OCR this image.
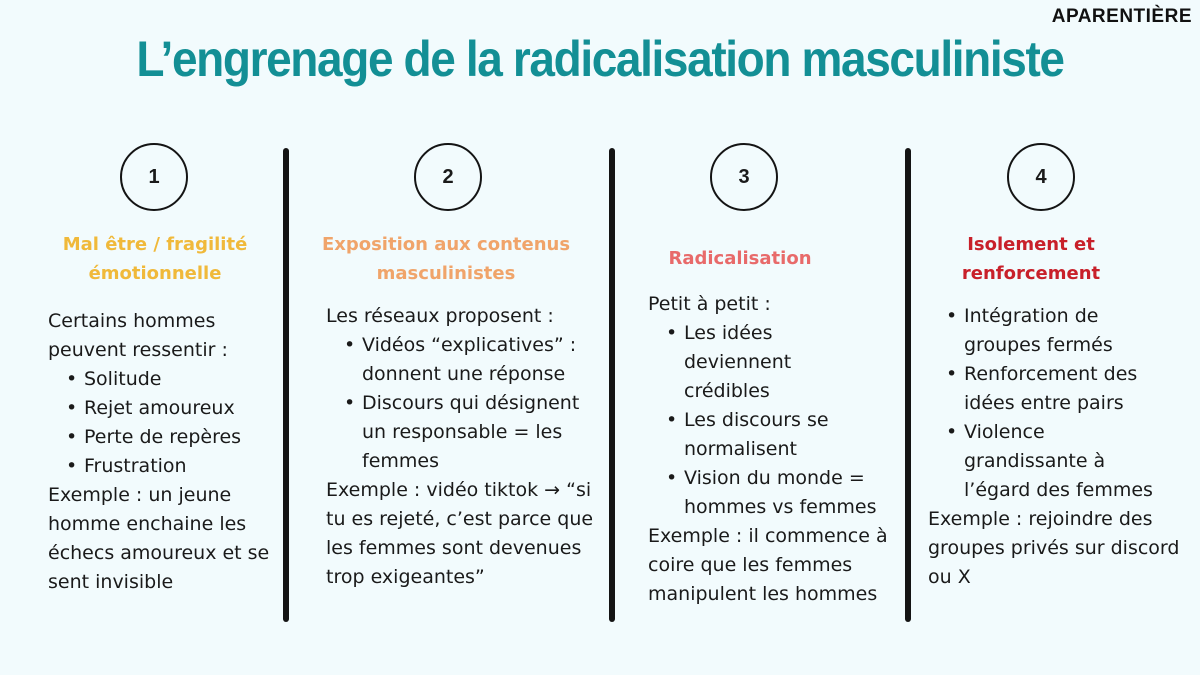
APARENTIÈRE
L’engrenage de la radicalisation masculiniste
1
Mal être / fragilité émotionnelle
Certains hommes peuvent ressentir :
• Solitude
• Rejet amoureux
• Perte de repères
• Frustration
Exemple : un jeune homme enchaine les échecs amoureux et se sent invisible
2
Exposition aux contenus masculinistes
Les réseaux proposent :
• Vidéos “explicatives” : donnent une réponse
• Discours qui désignent un responsable = les femmes
Exemple : vidéo tiktok → “si tu es rejeté, c’est parce que les femmes sont devenues trop exigeantes”
3
Radicalisation
Petit à petit :
• Les idées deviennent crédibles
• Les discours se normalisent
• Vision du monde = hommes vs femmes
Exemple : il commence à coire que les femmes manipulent les hommes
4
Isolement et renforcement
• Intégration de groupes fermés
• Renforcement des idées entre pairs
• Violence grandissante à l’égard des femmes
Exemple : rejoindre des groupes privés sur discord ou X
